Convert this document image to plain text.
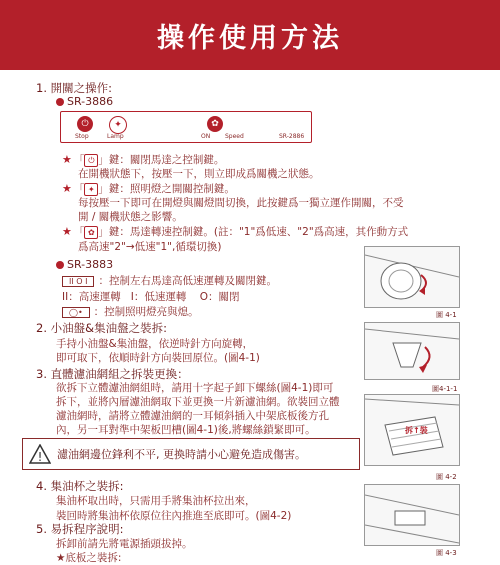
操作使用方法
1. 開關之操作:
SR-3886
⏻
Stop
✦
Lamp
✿
ON Speed	SR-2886
★ 「 ⏻ 」鍵：關閉馬達之控制鍵。
在開機狀態下，按壓一下，則立即成爲關機之狀態。
★ 「 ✦ 」鍵：照明燈之開關控制鍵。
每按壓一下即可在開燈與關燈間切換，此按鍵爲一獨立運作開關，不受
開 / 關機狀態之影響。
★ 「 ✿ 」鍵：馬達轉速控制鍵。(註："1"爲低速、"2"爲高速，其作動方式
爲高速"2"→低速"1",循環切換)
SR-3883
II O I ：控制左右馬達高低速運轉及關閉鍵。
II：高速運轉 I：低速運轉 O：關閉
◯• ：控制照明燈亮與熄。	圖 4-1
2. 小油盤&集油盤之裝拆:
手持小油盤&集油盤，依逆時針方向旋轉，
即可取下，依順時針方向裝回原位。(圖4-1)
3. 直體濾油網組之拆裝更換：
欲拆下立體濾油網組時，請用十字起子卸下螺絲(圖4-1)即可
拆下，並將內層濾油網取下並更換一片新濾油網。欲裝回立體
濾油網時，請將立體濾油網的一耳傾斜插入中架底板後方孔
內，另一耳對準中架板凹槽(圖4-1)後,將螺絲鎖緊即可。
圖4-1-1
拆↑裝
! 濾油網邊位鋒利不平, 更換時請小心避免造成傷害。
圖 4-2
4. 集油杯之裝拆:
集油杯取出時，只需用手將集油杯拉出來，
裝回時將集油杯依原位往內推進至底即可。(圖4-2)
圖 4-3
5. 易拆程序說明:
拆卸前請先將電源插頭拔掉。
★底板之裝拆:
